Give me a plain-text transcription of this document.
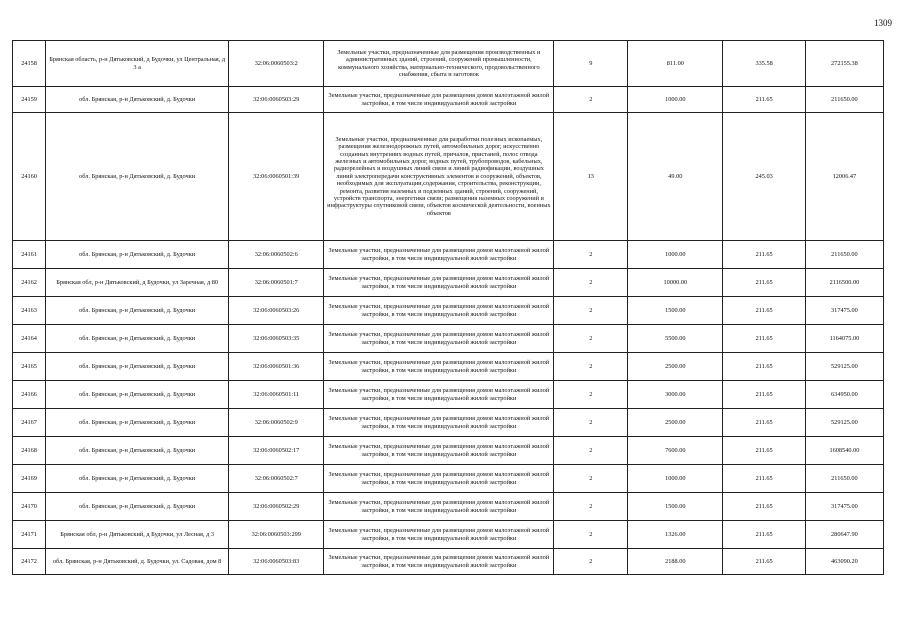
1309
24158	Брянская область, р-н Дятьковский, д Будочки, ул Центральная, д 3 а	32:06:0060503:2	Земельные участки, предназначенные для размещения производственных и административных зданий, строений, сооружений промышленности, коммунального хозяйства, материально-технического, продовольственного снабжения, сбыта и заготовок	9	811.00	335.58	272155.38
24159	обл. Брянская, р-н Дятьковский, д. Будочки	32:06:0060503:29	Земельные участки, предназначенные для размещения домов малоэтажной жилой застройки, в том числе индивидуальной жилой застройки	2	1000.00	211.65	211650.00
24160	обл. Брянская, р-н Дятьковский, д. Будочки	32:06:0060501:39	Земельные участки, предназначенные для разработки полезных ископаемых, размещения железнодорожных путей, автомобильных дорог, искусственно созданных внутренних водных путей, причалов, пристаней, полос отвода железных и автомобильных дорог, водных путей, трубопроводов, кабельных, радиорелейных и воздушных линий связи и линий радиофикации, воздушных линий электропередачи конструктивных элементов и сооружений, объектов, необходимых для эксплуатации,содержания, строительства, реконструкции, ремонта, развития наземных и подземных зданий, строений, сооружений, устройств транспорта, энергетики связи; размещения наземных сооружений и инфраструктуры спутниковой связи, объектов космической деятельности, военных объектов	13	49.00	245.03	12006.47
24161	обл. Брянская, р-н Дятьковский, д. Будочки	32:06:0060502:6	Земельные участки, предназначенные для размещения домов малоэтажной жилой застройки, в том числе индивидуальной жилой застройки	2	1000.00	211.65	211650.00
24162	Брянская обл, р-н Дятьковский, д Будочки, ул Заречная, д 80	32:06:0060501:7	Земельные участки, предназначенные для размещения домов малоэтажной жилой застройки, в том числе индивидуальной жилой застройки	2	10000.00	211.65	2116500.00
24163	обл. Брянская, р-н Дятьковский, д. Будочки	32:06:0060503:26	Земельные участки, предназначенные для размещения домов малоэтажной жилой застройки, в том числе индивидуальной жилой застройки	2	1500.00	211.65	317475.00
24164	обл. Брянская, р-н Дятьковский, д. Будочки	32:06:0060503:35	Земельные участки, предназначенные для размещения домов малоэтажной жилой застройки, в том числе индивидуальной жилой застройки	2	5500.00	211.65	1164075.00
24165	обл. Брянская, р-н Дятьковский, д. Будочки	32:06:0060501:36	Земельные участки, предназначенные для размещения домов малоэтажной жилой застройки, в том числе индивидуальной жилой застройки	2	2500.00	211.65	529125.00
24166	обл. Брянская, р-н Дятьковский, д. Будочки	32:06:0060501:11	Земельные участки, предназначенные для размещения домов малоэтажной жилой застройки, в том числе индивидуальной жилой застройки	2	3000.00	211.65	634950.00
24167	обл. Брянская, р-н Дятьковский, д. Будочки	32:06:0060502:9	Земельные участки, предназначенные для размещения домов малоэтажной жилой застройки, в том числе индивидуальной жилой застройки	2	2500.00	211.65	529125.00
24168	обл. Брянская, р-н Дятьковский, д. Будочки	32:06:0060502:17	Земельные участки, предназначенные для размещения домов малоэтажной жилой застройки, в том числе индивидуальной жилой застройки	2	7600.00	211.65	1608540.00
24169	обл. Брянская, р-н Дятьковский, д. Будочки	32:06:0060502:7	Земельные участки, предназначенные для размещения домов малоэтажной жилой застройки, в том числе индивидуальной жилой застройки	2	1000.00	211.65	211650.00
24170	обл. Брянская, р-н Дятьковский, д. Будочки	32:06:0060502:29	Земельные участки, предназначенные для размещения домов малоэтажной жилой застройки, в том числе индивидуальной жилой застройки	2	1500.00	211.65	317475.00
24171	Брянская обл, р-н Дятьковский, д Будочки, ул Лесная, д 3	32:06:0060503:299	Земельные участки, предназначенные для размещения домов малоэтажной жилой застройки, в том числе индивидуальной жилой застройки	2	1326.00	211.65	280647.90
24172	обл. Брянская, р-н Дятьковский, д. Будочки, ул. Садовая, дом 8	32:06:0060503:83	Земельные участки, предназначенные для размещения домов малоэтажной жилой застройки, в том числе индивидуальной жилой застройки	2	2188.00	211.65	463090.20
